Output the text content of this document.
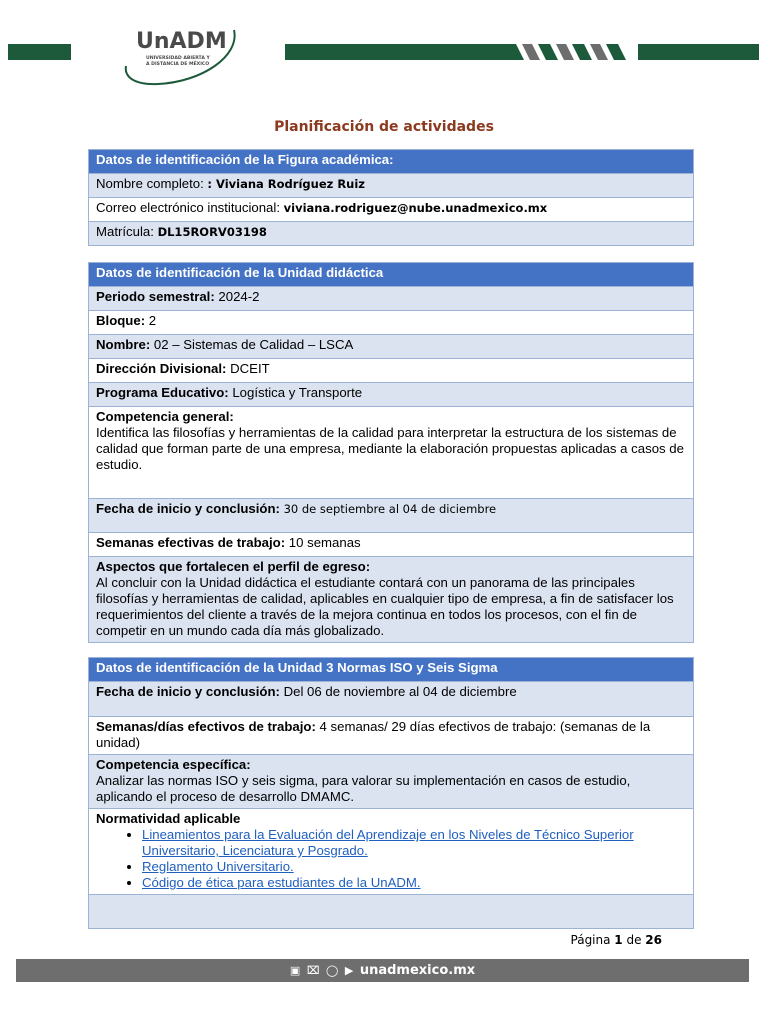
UnADM
UNIVERSIDAD ABIERTA Y
A DISTANCIA DE MÉXICO
Planificación de actividades
Datos de identificación de la Figura académica:
Nombre completo: : Viviana Rodríguez Ruiz
Correo electrónico institucional: viviana.rodriguez@nube.unadmexico.mx
Matrícula: DL15RORV03198
Datos de identificación de la Unidad didáctica
Periodo semestral: 2024-2
Bloque: 2
Nombre: 02 – Sistemas de Calidad – LSCA
Dirección Divisional: DCEIT
Programa Educativo: Logística y Transporte
Competencia general:
Identifica las filosofías y herramientas de la calidad para interpretar la estructura de los sistemas de calidad que forman parte de una empresa, mediante la elaboración propuestas aplicadas a casos de estudio.
Fecha de inicio y conclusión: 30 de septiembre al 04 de diciembre
Semanas efectivas de trabajo: 10 semanas
Aspectos que fortalecen el perfil de egreso:
Al concluir con la Unidad didáctica el estudiante contará con un panorama de las principales filosofías y herramientas de calidad, aplicables en cualquier tipo de empresa, a fin de satisfacer los requerimientos del cliente a través de la mejora continua en todos los procesos, con el fin de competir en un mundo cada día más globalizado.
Datos de identificación de la Unidad 3 Normas ISO y Seis Sigma
Fecha de inicio y conclusión: Del 06 de noviembre al 04 de diciembre
Semanas/días efectivos de trabajo: 4 semanas/ 29 días efectivos de trabajo: (semanas de la unidad)
Competencia específica:
Analizar las normas ISO y seis sigma, para valorar su implementación en casos de estudio, aplicando el proceso de desarrollo DMAMC.
Normatividad aplicable
• Lineamientos para la Evaluación del Aprendizaje en los Niveles de Técnico Superior Universitario, Licenciatura y Posgrado.
• Reglamento Universitario.
• Código de ética para estudiantes de la UnADM.

Página 1 de 26
▣ ⌧ ◯ ▶ unadmexico.mx
